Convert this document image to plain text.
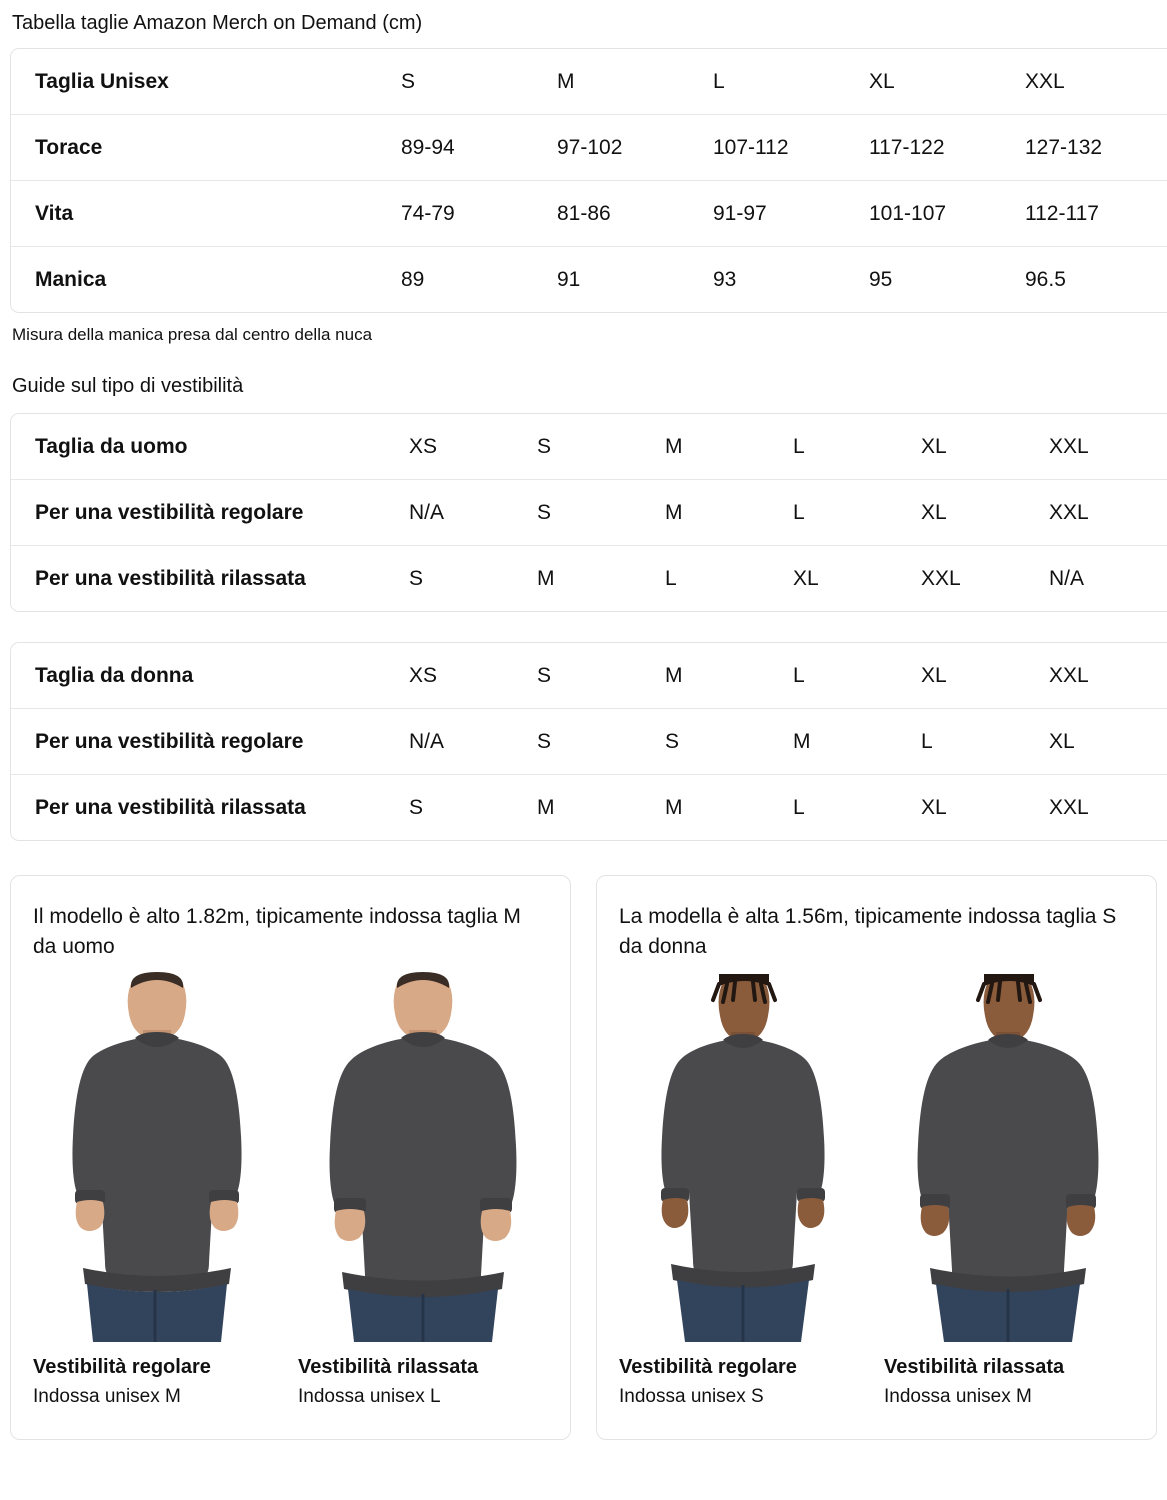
Tabella taglie Amazon Merch on Demand (cm)
Taglia Unisex	S	M	L	XL	XXL
Torace	89-94	97-102	107-112	117-122	127-132
Vita	74-79	81-86	91-97	101-107	112-117
Manica	89	91	93	95	96.5
Misura della manica presa dal centro della nuca
Guide sul tipo di vestibilità
Taglia da uomo	XS	S	M	L	XL	XXL
Per una vestibilità regolare	N/A	S	M	L	XL	XXL
Per una vestibilità rilassata	S	M	L	XL	XXL	N/A
Taglia da donna	XS	S	M	L	XL	XXL
Per una vestibilità regolare	N/A	S	S	M	L	XL
Per una vestibilità rilassata	S	M	M	L	XL	XXL
Il modello è alto 1.82m, tipicamente indossa taglia M da uomo
Vestibilità regolare
Indossa unisex M
Vestibilità rilassata
Indossa unisex L
La modella è alta 1.56m, tipicamente indossa taglia S da donna
Vestibilità regolare
Indossa unisex S
Vestibilità rilassata
Indossa unisex M
